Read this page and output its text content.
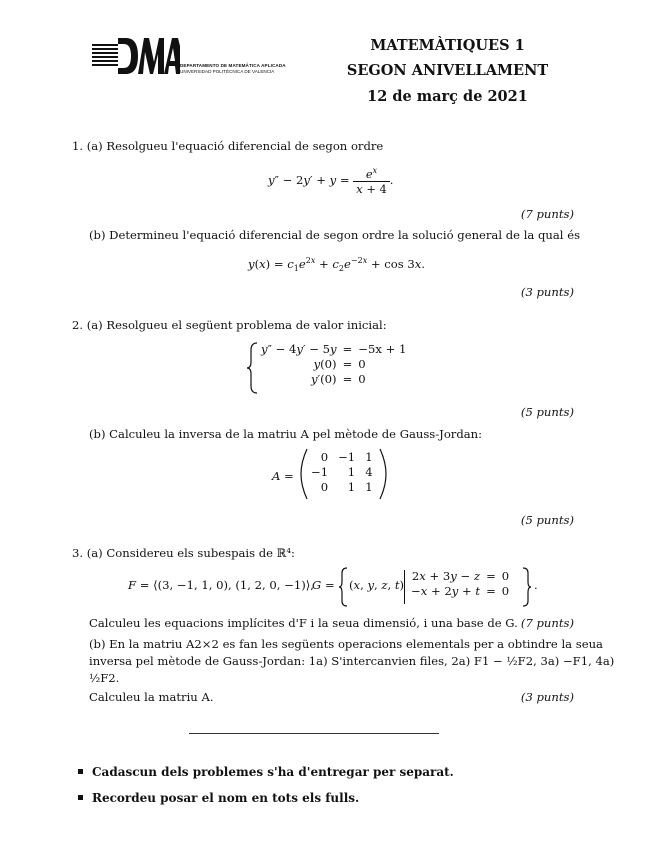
DEPARTAMENTO DE MATEMÁTICA APLICADA
UNIVERSIDAD POLITÉCNICA DE VALENCIA
MATEMÀTIQUES 1
SEGON ANIVELLAMENT
12 de març de 2021
1. (a) Resolgueu l'equació diferencial de segon ordre
$y'' - 2y' + y = \frac{e^x}{x + 4}$ .
(7 punts)
(b) Determineu l'equació diferencial de segon ordre la solució general de la qual és
$y(x) = c_1e^{2x} + c_2e^{-2x} + \cos 3x$.
(3 punts)
2. (a) Resolgueu el següent problema de valor inicial:
y″ − 4y′ − 5y	=	−5x + 1
y(0)	=	0
y′(0)	=	0
(5 punts)
(b) Calculeu la inversa de la matriu A pel mètode de Gauss-Jordan:
A =
0	−1	1
−1	1	4
0	1	1
(5 punts)
3. (a) Considereu els subespais de ℝ⁴:
F = ⟨(3, −1, 1, 0), (1, 2, 0, −1)⟩,
G = (x, y, z, t)
2x + 3y − z	=	0
−x + 2y + t	=	0 .
Calculeu les equacions implícites d'F i la seua dimensió, i una base de G. (7 punts)
(b) En la matriu A2×2 es fan les següents operacions elementals per a obtindre la seua
inversa pel mètode de Gauss-Jordan: 1a) S'intercanvien files, 2a) F1 − ½F2, 3a) −F1, 4a)
½F2.
Calculeu la matriu A.	(3 punts)
Cadascun dels problemes s'ha d'entregar per separat.
Recordeu posar el nom en tots els fulls.
